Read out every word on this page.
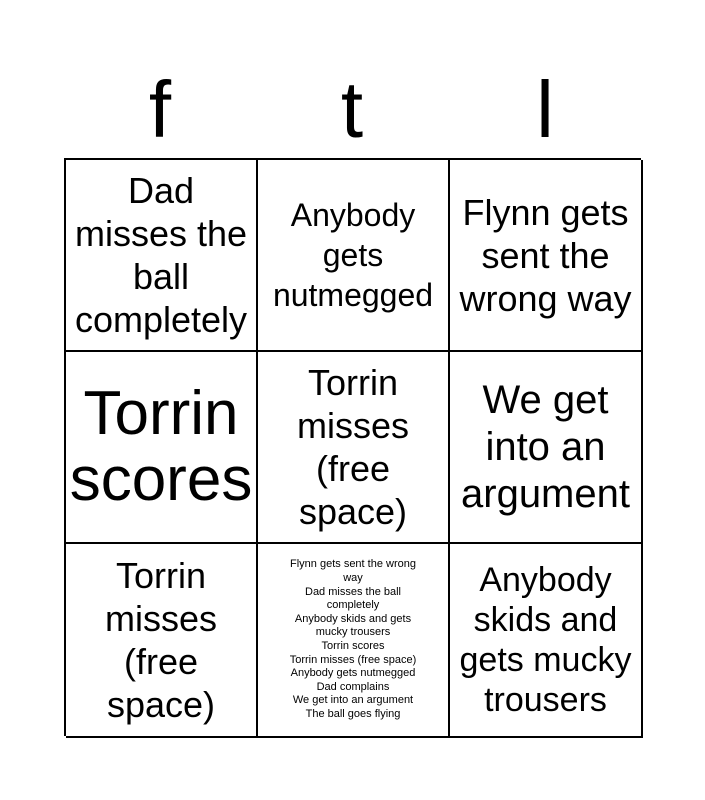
f	t	l
Dad misses the ball completely
Anybody gets nutmegged
Flynn gets sent the wrong way
Torrin scores
Torrin misses (free space)
We get into an argument
Torrin misses (free space)
Flynn gets sent the wrong way
Dad misses the ball completely
Anybody skids and gets mucky trousers
Torrin scores
Torrin misses (free space)
Anybody gets nutmegged
Dad complains
We get into an argument
The ball goes flying
Anybody skids and gets mucky trousers
